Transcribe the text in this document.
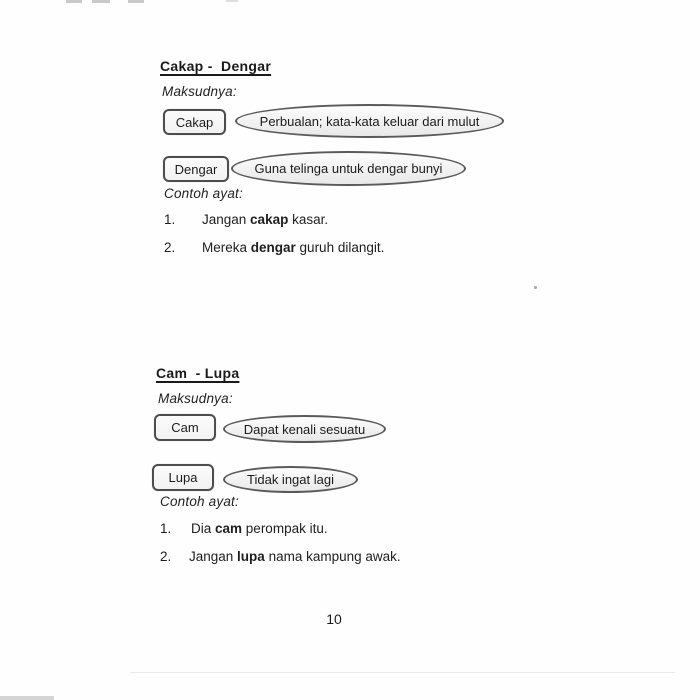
Cakap -  Dengar
Maksudnya:
Cakap	Perbualan; kata-kata keluar dari mulut
Dengar	Guna telinga untuk dengar bunyi
Contoh ayat:
1. Jangan cakap kasar.
2. Mereka dengar guruh dilangit.
Cam  - Lupa
Maksudnya:
Cam	Dapat kenali sesuatu
Lupa	Tidak ingat lagi
Contoh ayat:
1. Dia cam perompak itu.
2. Jangan lupa nama kampung awak.
10
